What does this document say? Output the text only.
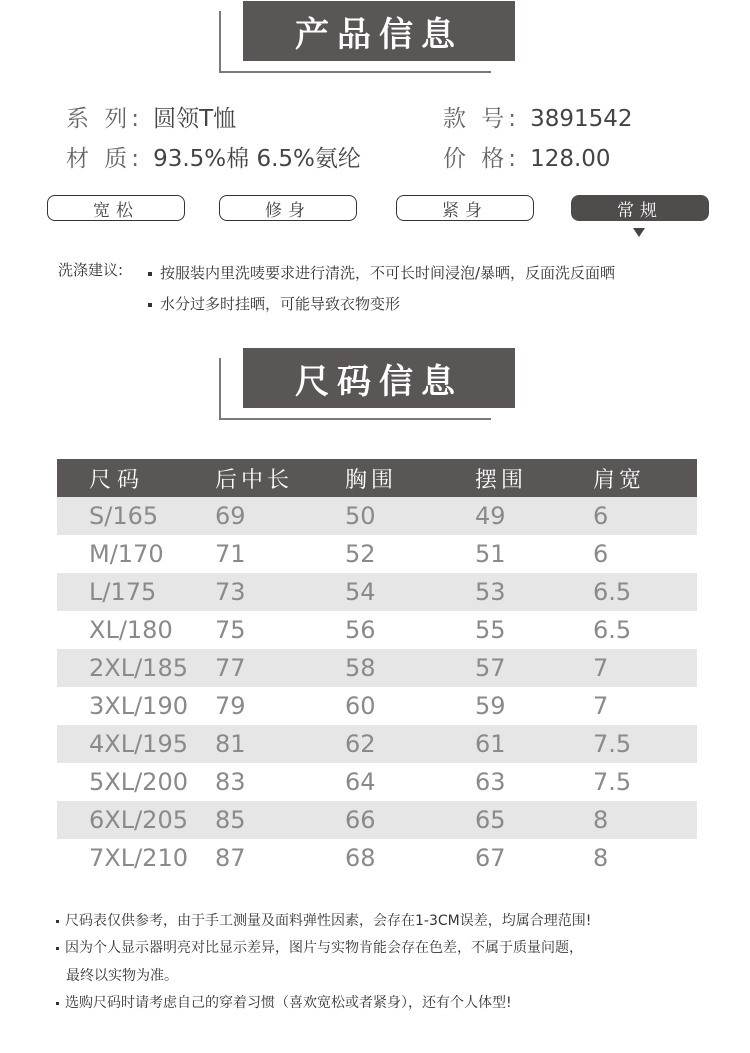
产品信息
系 列: 圆领T恤	款 号: 3891542
材 质: 93.5%棉 6.5%氨纶	价 格: 128.00
宽松	修身	紧身	常规
洗涤建议:	按服装内里洗唛要求进行清洗，不可长时间浸泡/暴晒，反面洗反面晒
水分过多时挂晒，可能导致衣物变形
尺码信息
尺码	后中长	胸围	摆围	肩宽
S/165	69	50	49	6
M/170	71	52	51	6
L/175	73	54	53	6.5
XL/180	75	56	55	6.5
2XL/185	77	58	57	7
3XL/190	79	60	59	7
4XL/195	81	62	61	7.5
5XL/200	83	64	63	7.5
6XL/205	85	66	65	8
7XL/210	87	68	67	8
尺码表仅供参考，由于手工测量及面料弹性因素，会存在1-3CM误差，均属合理范围!
因为个人显示器明亮对比显示差异，图片与实物肯能会存在色差，不属于质量问题，
最终以实物为准。
选购尺码时请考虑自己的穿着习惯（喜欢宽松或者紧身），还有个人体型!
